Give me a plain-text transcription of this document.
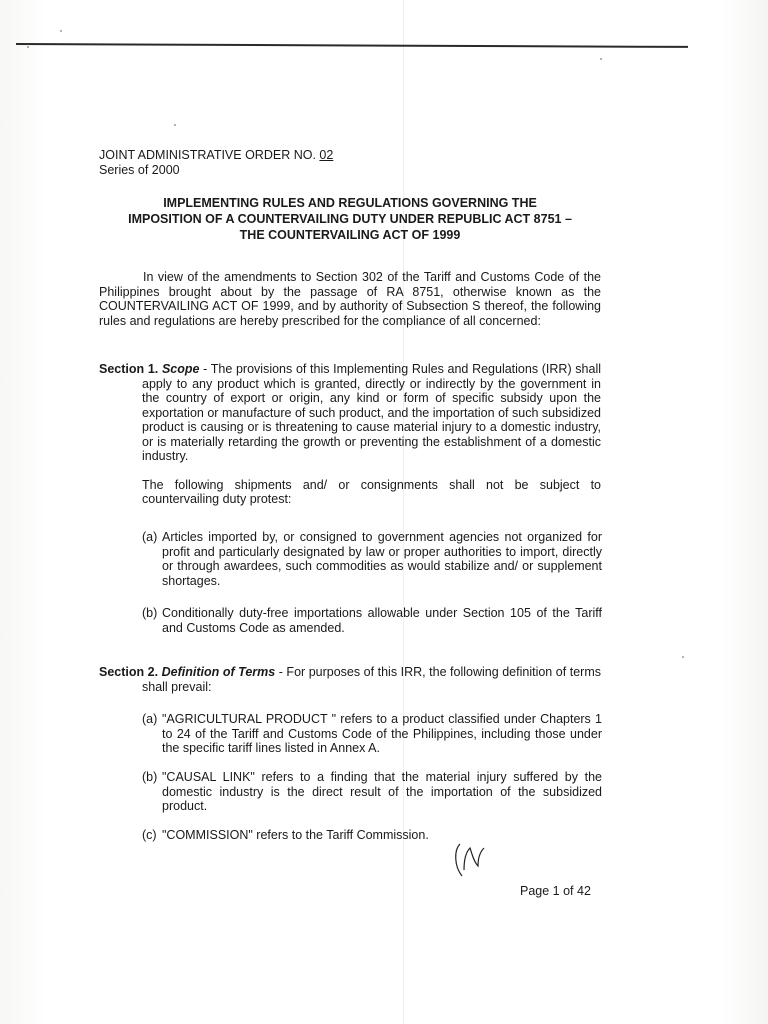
JOINT ADMINISTRATIVE ORDER NO. 02
Series of 2000
IMPLEMENTING RULES AND REGULATIONS GOVERNING THE
IMPOSITION OF A COUNTERVAILING DUTY UNDER REPUBLIC ACT 8751 –
THE COUNTERVAILING ACT OF 1999
In view of the amendments to Section 302 of the Tariff and Customs Code of the Philippines brought about by the passage of RA 8751, otherwise known as the COUNTERVAILING ACT OF 1999, and by authority of Subsection S thereof, the following rules and regulations are hereby prescribed for the compliance of all concerned:
Section 1. Scope - The provisions of this Implementing Rules and Regulations (IRR) shall apply to any product which is granted, directly or indirectly by the government in the country of export or origin, any kind or form of specific subsidy upon the exportation or manufacture of such product, and the importation of such subsidized product is causing or is threatening to cause material injury to a domestic industry, or is materially retarding the growth or preventing the establishment of a domestic industry.
The following shipments and/ or consignments shall not be subject to countervailing duty protest:
(a) Articles imported by, or consigned to government agencies not organized for profit and particularly designated by law or proper authorities to import, directly or through awardees, such commodities as would stabilize and/ or supplement shortages.
(b) Conditionally duty-free importations allowable under Section 105 of the Tariff and Customs Code as amended.
Section 2. Definition of Terms - For purposes of this IRR, the following definition of terms shall prevail:
(a) "AGRICULTURAL PRODUCT " refers to a product classified under Chapters 1 to 24 of the Tariff and Customs Code of the Philippines, including those under the specific tariff lines listed in Annex A.
(b) "CAUSAL LINK" refers to a finding that the material injury suffered by the domestic industry is the direct result of the importation of the subsidized product.
(c) "COMMISSION" refers to the Tariff Commission.
Page 1 of 42
